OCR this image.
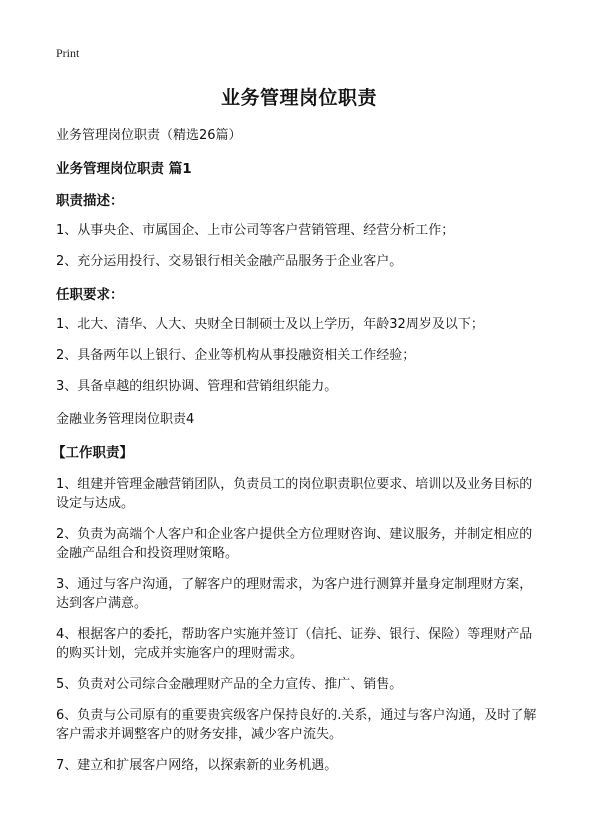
Print
业务管理岗位职责
业务管理岗位职责（精选26篇）
业务管理岗位职责 篇1
职责描述：
1、从事央企、市属国企、上市公司等客户营销管理、经营分析工作；
2、充分运用投行、交易银行相关金融产品服务于企业客户。
任职要求：
1、北大、清华、人大、央财全日制硕士及以上学历，年龄32周岁及以下；
2、具备两年以上银行、企业等机构从事投融资相关工作经验；
3、具备卓越的组织协调、管理和营销组织能力。
金融业务管理岗位职责4
【工作职责】
1、组建并管理金融营销团队，负责员工的岗位职责职位要求、培训以及业务目标的设定与达成。
2、负责为高端个人客户和企业客户提供全方位理财咨询、建议服务，并制定相应的金融产品组合和投资理财策略。
3、通过与客户沟通，了解客户的理财需求，为客户进行测算并量身定制理财方案，达到客户满意。
4、根据客户的委托，帮助客户实施并签订（信托、证券、银行、保险）等理财产品的购买计划，完成并实施客户的理财需求。
5、负责对公司综合金融理财产品的全力宣传、推广、销售。
6、负责与公司原有的重要贵宾级客户保持良好的.关系，通过与客户沟通，及时了解客户需求并调整客户的财务安排，减少客户流失。
7、建立和扩展客户网络，以探索新的业务机遇。
